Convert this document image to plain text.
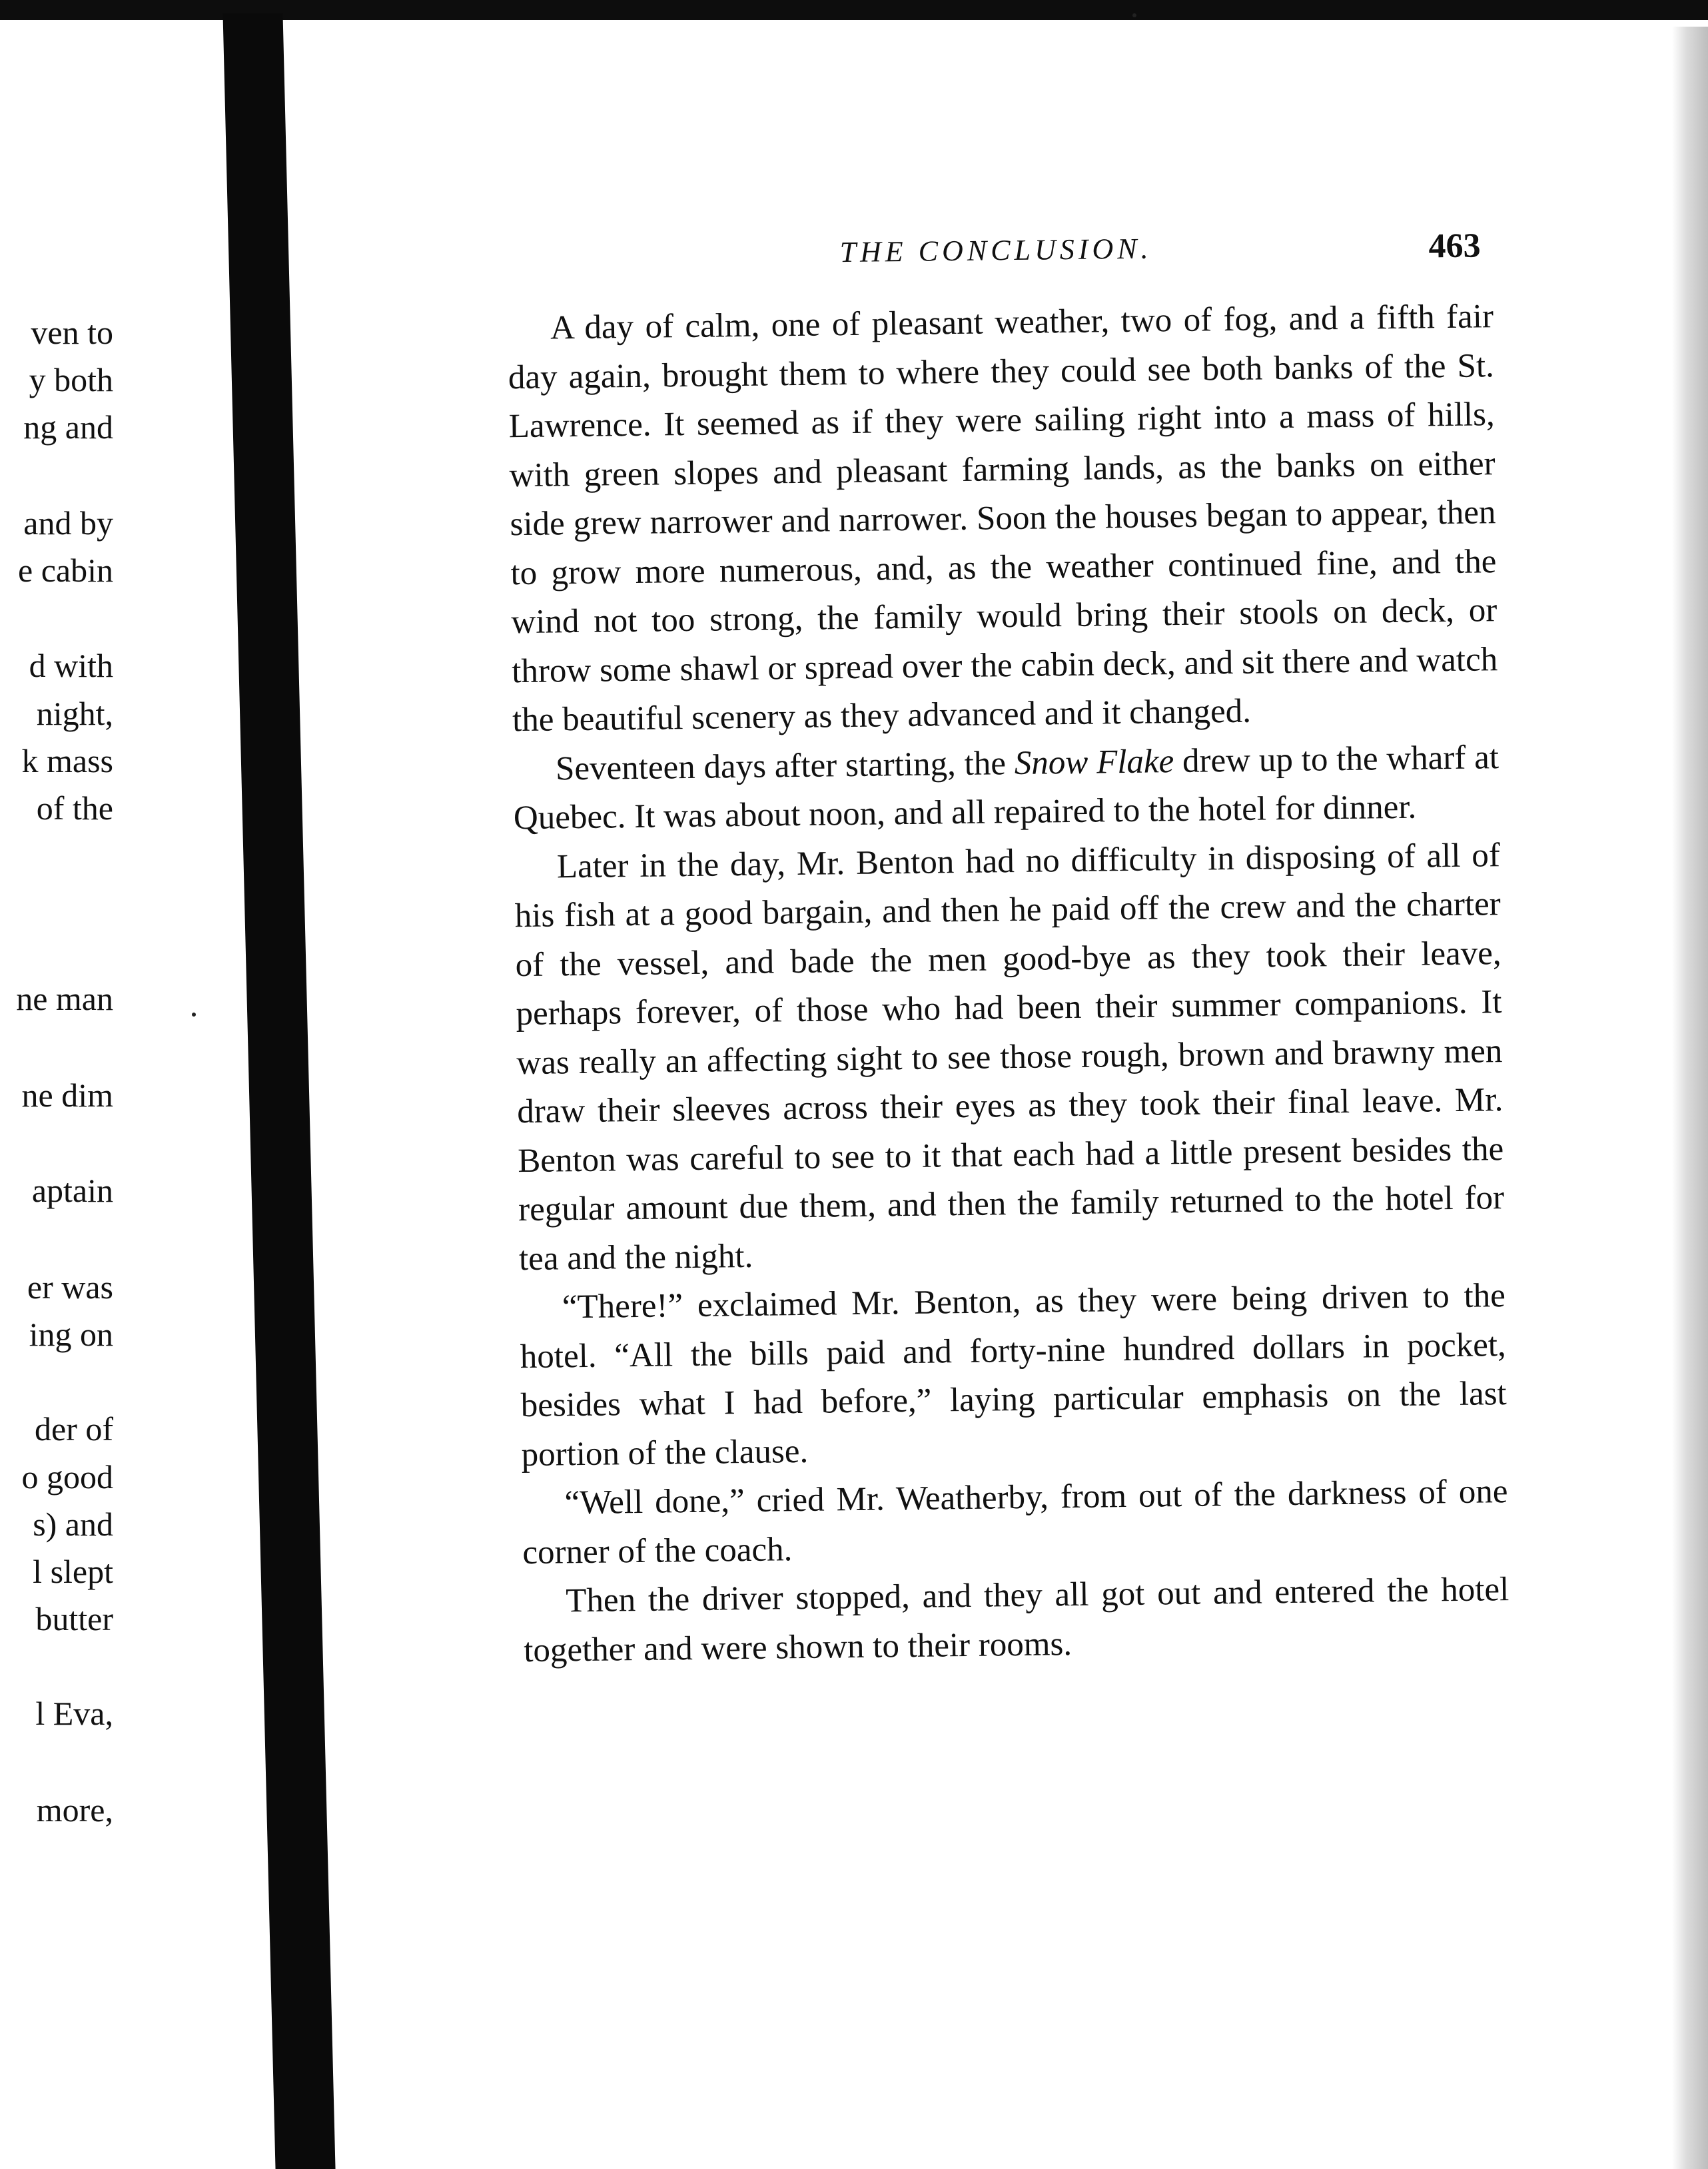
ven to
y both
ng and
and by
e cabin
d with
night,
k mass
of the
ne man
ne dim
aptain
er was
ing on
der of
o good
s) and
l slept
butter
l Eva,
more,
THE CONCLUSION.	463

A day of calm, one of pleasant weather, two of fog, and a fifth fair day again, brought them to where they could see both banks of the St. Lawrence. It seemed as if they were sailing right into a mass of hills, with green slopes and pleasant farming lands, as the banks on either side grew narrower and narrower. Soon the houses began to appear, then to grow more numerous, and, as the weather continued fine, and the wind not too strong, the family would bring their stools on deck, or throw some shawl or spread over the cabin deck, and sit there and watch the beautiful scenery as they advanced and it changed.

Seventeen days after starting, the Snow Flake drew up to the wharf at Quebec. It was about noon, and all repaired to the hotel for dinner.

Later in the day, Mr. Benton had no difficulty in disposing of all of his fish at a good bargain, and then he paid off the crew and the charter of the vessel, and bade the men good-bye as they took their leave, perhaps forever, of those who had been their summer companions. It was really an affecting sight to see those rough, brown and brawny men draw their sleeves across their eyes as they took their final leave. Mr. Benton was careful to see to it that each had a little present besides the regular amount due them, and then the family returned to the hotel for tea and the night.

“There!” exclaimed Mr. Benton, as they were being driven to the hotel. “All the bills paid and forty-nine hundred dollars in pocket, besides what I had before,” laying particular emphasis on the last portion of the clause.

“Well done,” cried Mr. Weatherby, from out of the darkness of one corner of the coach.

Then the driver stopped, and they all got out and entered the hotel together and were shown to their rooms.
